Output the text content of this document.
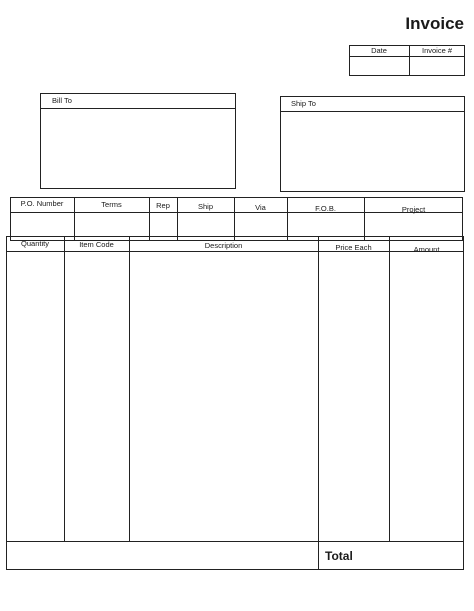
Invoice
Date	Invoice #
Bill To	Ship To
P.O. Number	Terms	Rep	Ship	Via	F.O.B.	Project
Quantity	Item Code	Description	Price Each	Amount
Total
